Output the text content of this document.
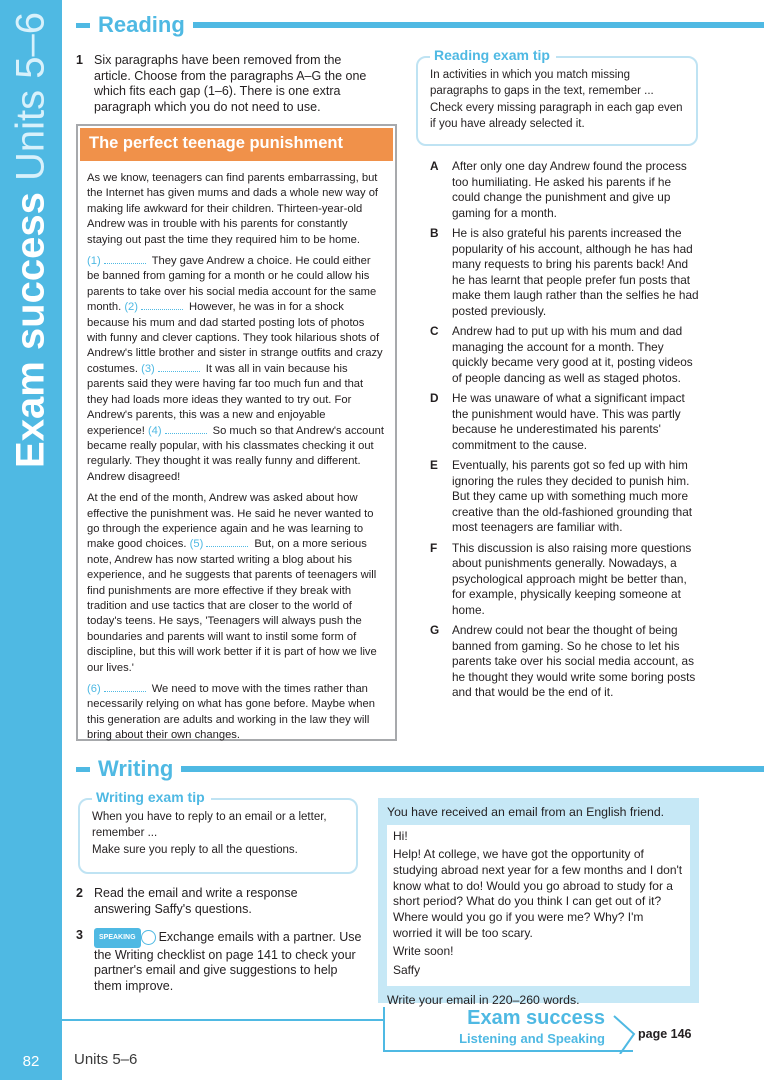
Exam success Units 5–6
82
Reading
1 Six paragraphs have been removed from the article. Choose from the paragraphs A–G the one which fits each gap (1–6). There is one extra paragraph which you do not need to use.
Reading exam tip

In activities in which you match missing paragraphs to gaps in the text, remember ...

Check every missing paragraph in each gap even if you have already selected it.

The perfect teenage punishment

As we know, teenagers can find parents embarrassing, but the Internet has given mums and dads a whole new way of making life awkward for their children. Thirteen-year-old Andrew was in trouble with his parents for constantly staying out past the time they required him to be home.

(1)	They gave Andrew a choice. He could either be banned from gaming for a month or he could allow his parents to take over his social media account for the same month. (2)	However, he was in for a shock because his mum and dad started posting lots of photos with funny and clever captions. They took hilarious shots of Andrew's little brother and sister in strange outfits and crazy costumes. (3)	It was all in vain because his parents said they were having far too much fun and that they had loads more ideas they wanted to try out. For Andrew's parents, this was a new and enjoyable experience! (4)	So much so that Andrew's account became really popular, with his classmates checking it out regularly. They thought it was really funny and different. Andrew disagreed!

At the end of the month, Andrew was asked about how effective the punishment was. He said he never wanted to go through the experience again and he was learning to make good choices. (5)	But, on a more serious note, Andrew has now started writing a blog about his experience, and he suggests that parents of teenagers will find punishments are more effective if they break with tradition and use tactics that are closer to the world of today's teens. He says, 'Teenagers will always push the boundaries and parents will want to instil some form of discipline, but this will work better if it is part of how we live our lives.'

(6)	We need to move with the times rather than necessarily relying on what has gone before. Maybe when this generation are adults and working in the law they will bring about their own changes.

A	After only one day Andrew found the process too humiliating. He asked his parents if he could change the punishment and give up gaming for a month.
B	He is also grateful his parents increased the popularity of his account, although he has had many requests to bring his parents back! And he has learnt that people prefer fun posts that make them laugh rather than the selfies he had posted previously.
C	Andrew had to put up with his mum and dad managing the account for a month. They quickly became very good at it, posting videos of people dancing as well as staged photos.
D	He was unaware of what a significant impact the punishment would have. This was partly because he underestimated his parents' commitment to the cause.
E	Eventually, his parents got so fed up with him ignoring the rules they decided to punish him. But they came up with something much more creative than the old-fashioned grounding that most teenagers are familiar with.
F	This discussion is also raising more questions about punishments generally. Nowadays, a psychological approach might be better than, for example, physically keeping someone at home.
G	Andrew could not bear the thought of being banned from gaming. So he chose to let his parents take over his social media account, as he thought they would write some boring posts and that would be the end of it.
Writing
Writing exam tip

When you have to reply to an email or a letter, remember ...

Make sure you reply to all the questions.

2 Read the email and write a response answering Saffy's questions.
3	SPEAKING Exchange emails with a partner. Use the Writing checklist on page 141 to check your partner's email and give suggestions to help them improve.
You have received an email from an English friend.

Hi!

Help! At college, we have got the opportunity of studying abroad next year for a few months and I don't know what to do! Would you go abroad to study for a short period? What do you think I can get out of it? Where would you go if you were me? Why? I'm worried it will be too scary.

Write soon!

Saffy

Write your email in 220–260 words.
Exam success
Listening and Speaking	page 146
Units 5–6
